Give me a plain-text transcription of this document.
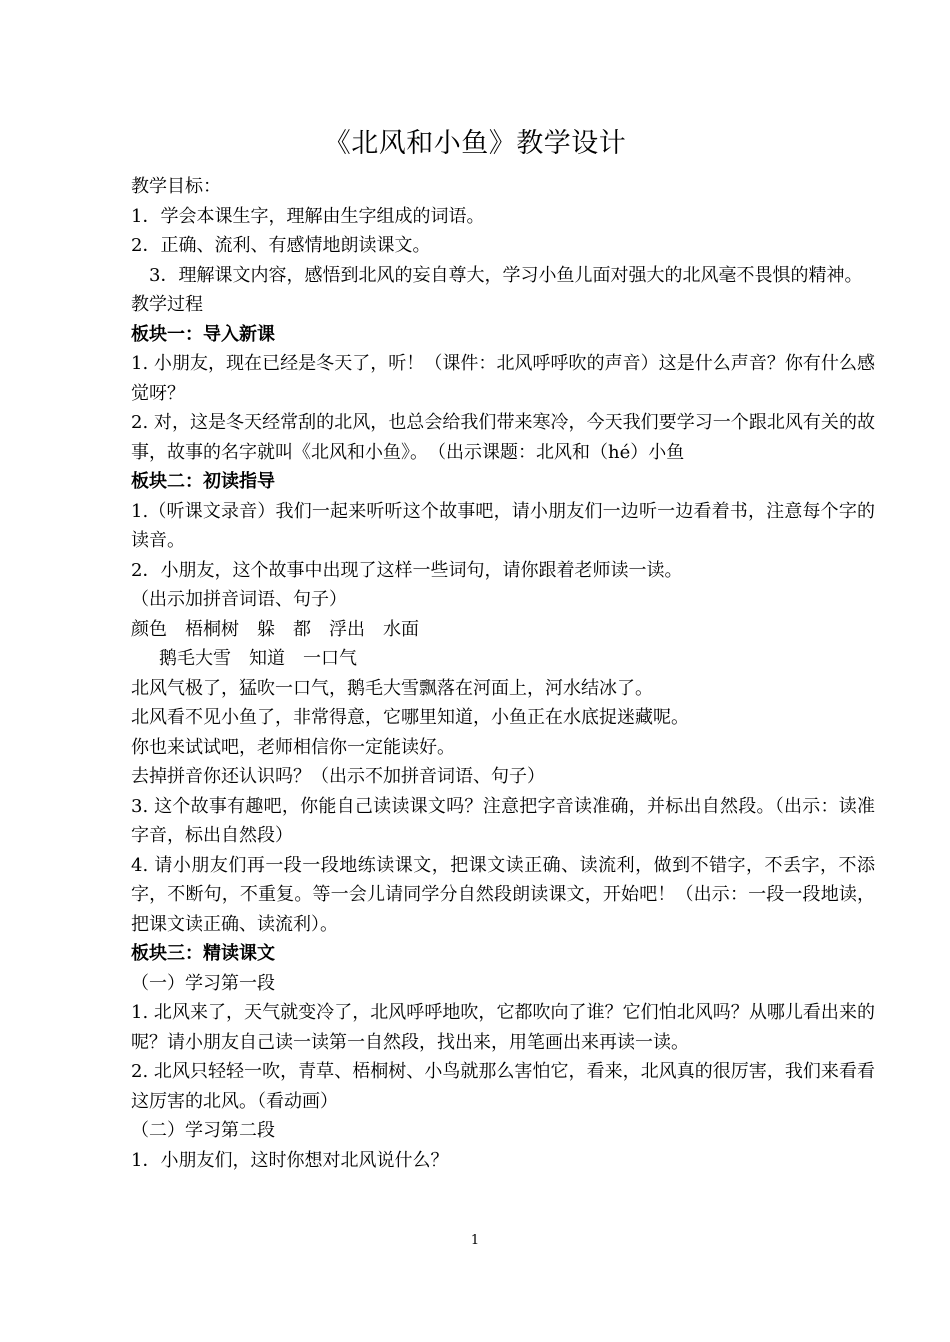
《北风和小鱼》教学设计

教学目标：

1．学会本课生字，理解由生字组成的词语。

2．正确、流利、有感情地朗读课文。

3．理解课文内容，感悟到北风的妄自尊大，学习小鱼儿面对强大的北风毫不畏惧的精神。

教学过程

板块一：导入新课

1. 小朋友，现在已经是冬天了，听！（课件：北风呼呼吹的声音）这是什么声音？你有什么感觉呀？

2. 对，这是冬天经常刮的北风，也总会给我们带来寒冷，今天我们要学习一个跟北风有关的故事，故事的名字就叫《北风和小鱼》。　（出示课题：北风和（hé）小鱼

板块二：初读指导

1.（听课文录音）我们一起来听听这个故事吧，请小朋友们一边听一边看着书，注意每个字的读音。

2．小朋友，这个故事中出现了这样一些词句，请你跟着老师读一读。

（出示加拼音词语、句子）

颜色　梧桐树　躲　都　浮出　水面

鹅毛大雪　知道　一口气

北风气极了，猛吹一口气，鹅毛大雪飘落在河面上，河水结冰了。

北风看不见小鱼了，非常得意，它哪里知道，小鱼正在水底捉迷藏呢。

你也来试试吧，老师相信你一定能读好。

去掉拼音你还认识吗？（出示不加拼音词语、句子）

3. 这个故事有趣吧，你能自己读读课文吗？注意把字音读准确，并标出自然段。（出示：读准字音，标出自然段）

4. 请小朋友们再一段一段地练读课文，把课文读正确、读流利，做到不错字，不丢字，不添字，不断句，不重复。等一会儿请同学分自然段朗读课文，开始吧！（出示：一段一段地读，把课文读正确、读流利）。

板块三：精读课文

（一）学习第一段

1. 北风来了，天气就变冷了，北风呼呼地吹，它都吹向了谁？它们怕北风吗？从哪儿看出来的呢？请小朋友自己读一读第一自然段，找出来，用笔画出来再读一读。

2. 北风只轻轻一吹，青草、梧桐树、小鸟就那么害怕它，看来，北风真的很厉害，我们来看看这厉害的北风。（看动画）

（二）学习第二段

1．小朋友们，这时你想对北风说什么？

1
